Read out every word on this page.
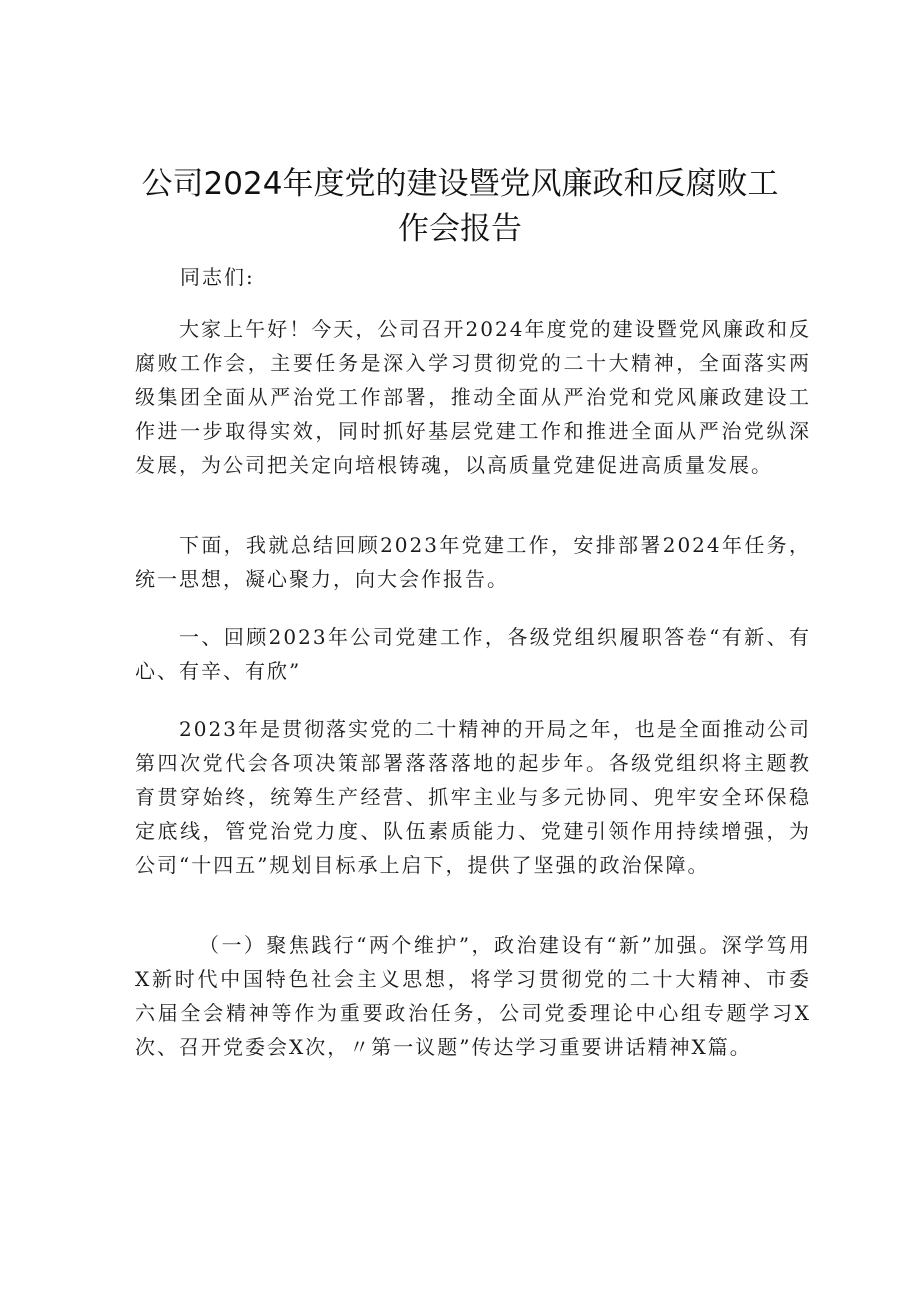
公司2024年度党的建设暨党风廉政和反腐败工
作会报告

同志们:

大家上午好！今天，公司召开2024年度党的建设暨党风廉政和反腐败工作会，主要任务是深入学习贯彻党的二十大精神，全面落实两级集团全面从严治党工作部署，推动全面从严治党和党风廉政建设工作进一步取得实效，同时抓好基层党建工作和推进全面从严治党纵深发展，为公司把关定向培根铸魂，以高质量党建促进高质量发展。

下面，我就总结回顾2023年党建工作，安排部署2024年任务，统一思想，凝心聚力，向大会作报告。

一、回顾2023年公司党建工作，各级党组织履职答卷“有新、有心、有辛、有欣”

2023年是贯彻落实党的二十精神的开局之年，也是全面推动公司第四次党代会各项决策部署落落落地的起步年。各级党组织将主题教育贯穿始终，统筹生产经营、抓牢主业与多元协同、兜牢安全环保稳定底线，管党治党力度、队伍素质能力、党建引领作用持续增强，为公司“十四五”规划目标承上启下，提供了坚强的政治保障。

（一）聚焦践行“两个维护”，政治建设有“新”加强。深学笃用X新时代中国特色社会主义思想，将学习贯彻党的二十大精神、市委六届全会精神等作为重要政治任务，公司党委理论中心组专题学习X次、召开党委会X次，〃第一议题”传达学习重要讲话精神X篇。
